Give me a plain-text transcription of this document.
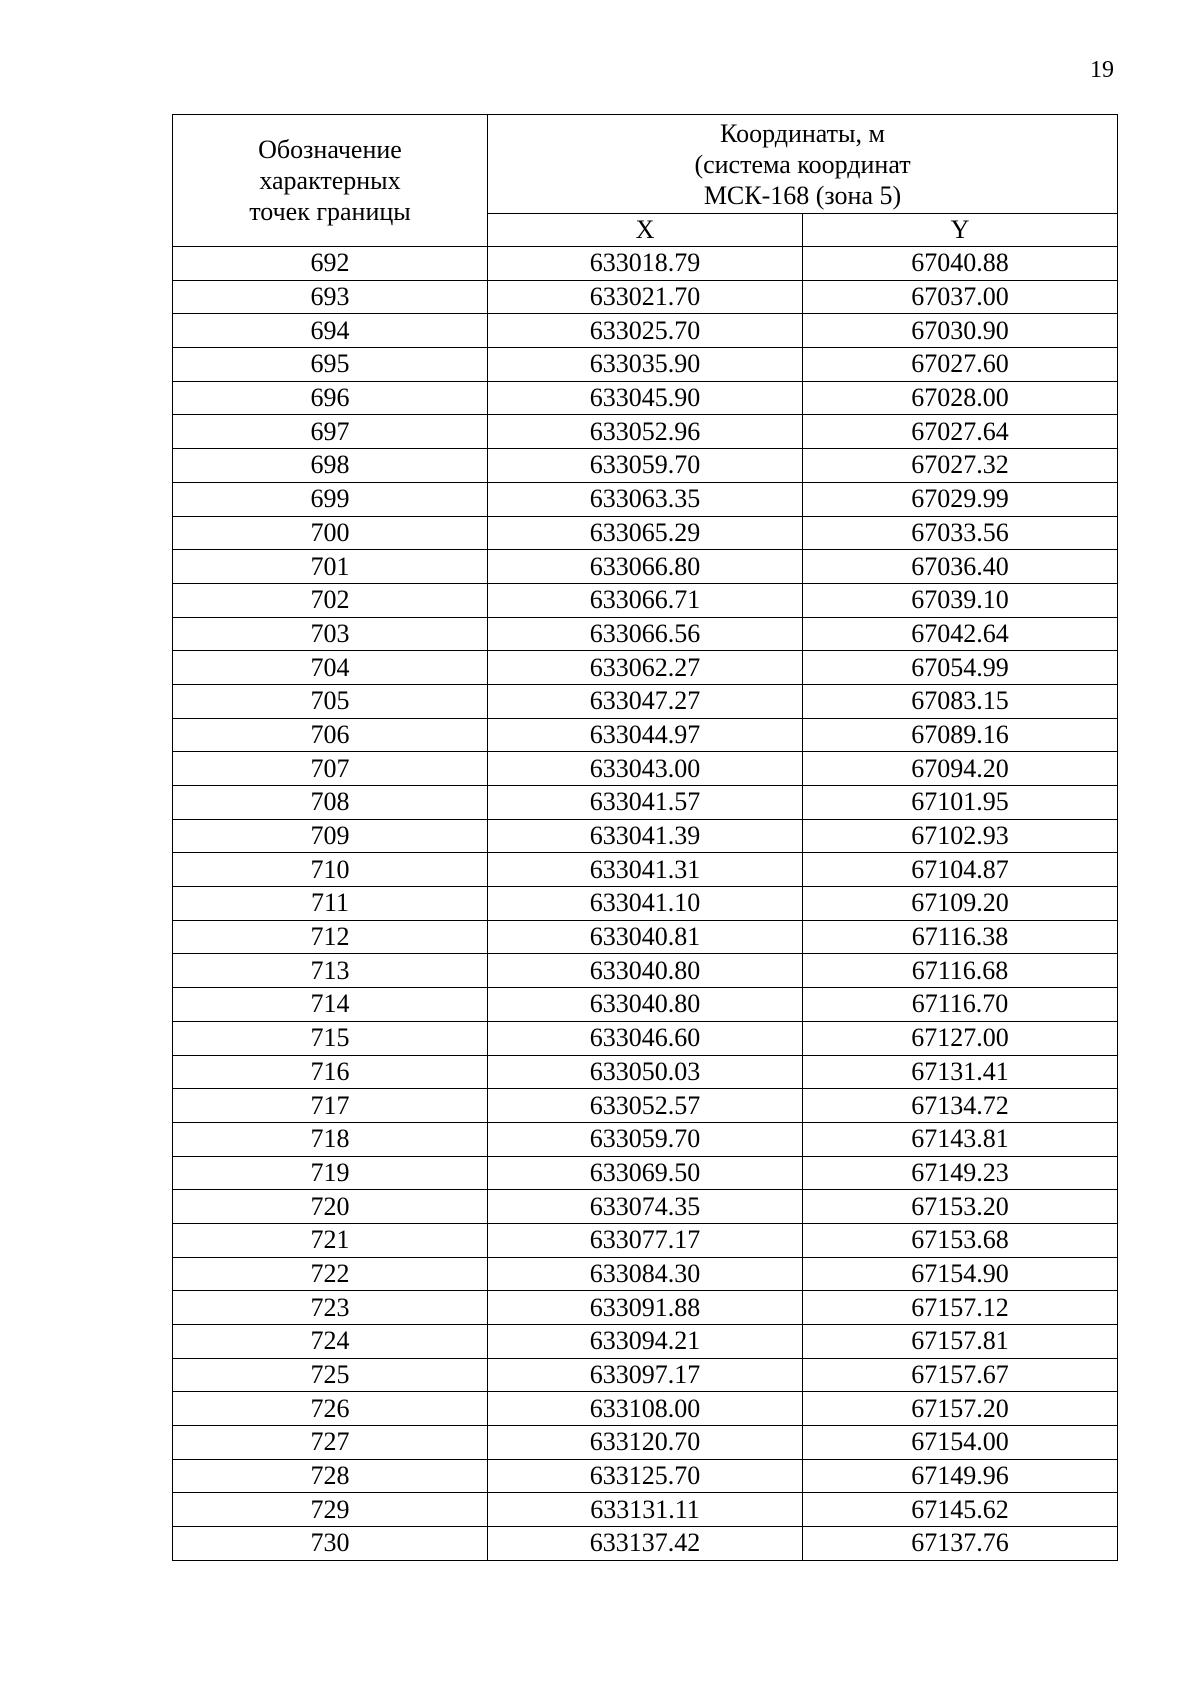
19
Обозначение
характерных
точек границы	Координаты, м
(система координат
МСК-168 (зона 5)	

	X	Y
692	633018.79	67040.88
693	633021.70	67037.00
694	633025.70	67030.90
695	633035.90	67027.60
696	633045.90	67028.00
697	633052.96	67027.64
698	633059.70	67027.32
699	633063.35	67029.99
700	633065.29	67033.56
701	633066.80	67036.40
702	633066.71	67039.10
703	633066.56	67042.64
704	633062.27	67054.99
705	633047.27	67083.15
706	633044.97	67089.16
707	633043.00	67094.20
708	633041.57	67101.95
709	633041.39	67102.93
710	633041.31	67104.87
711	633041.10	67109.20
712	633040.81	67116.38
713	633040.80	67116.68
714	633040.80	67116.70
715	633046.60	67127.00
716	633050.03	67131.41
717	633052.57	67134.72
718	633059.70	67143.81
719	633069.50	67149.23
720	633074.35	67153.20
721	633077.17	67153.68
722	633084.30	67154.90
723	633091.88	67157.12
724	633094.21	67157.81
725	633097.17	67157.67
726	633108.00	67157.20
727	633120.70	67154.00
728	633125.70	67149.96
729	633131.11	67145.62
730	633137.42	67137.76
